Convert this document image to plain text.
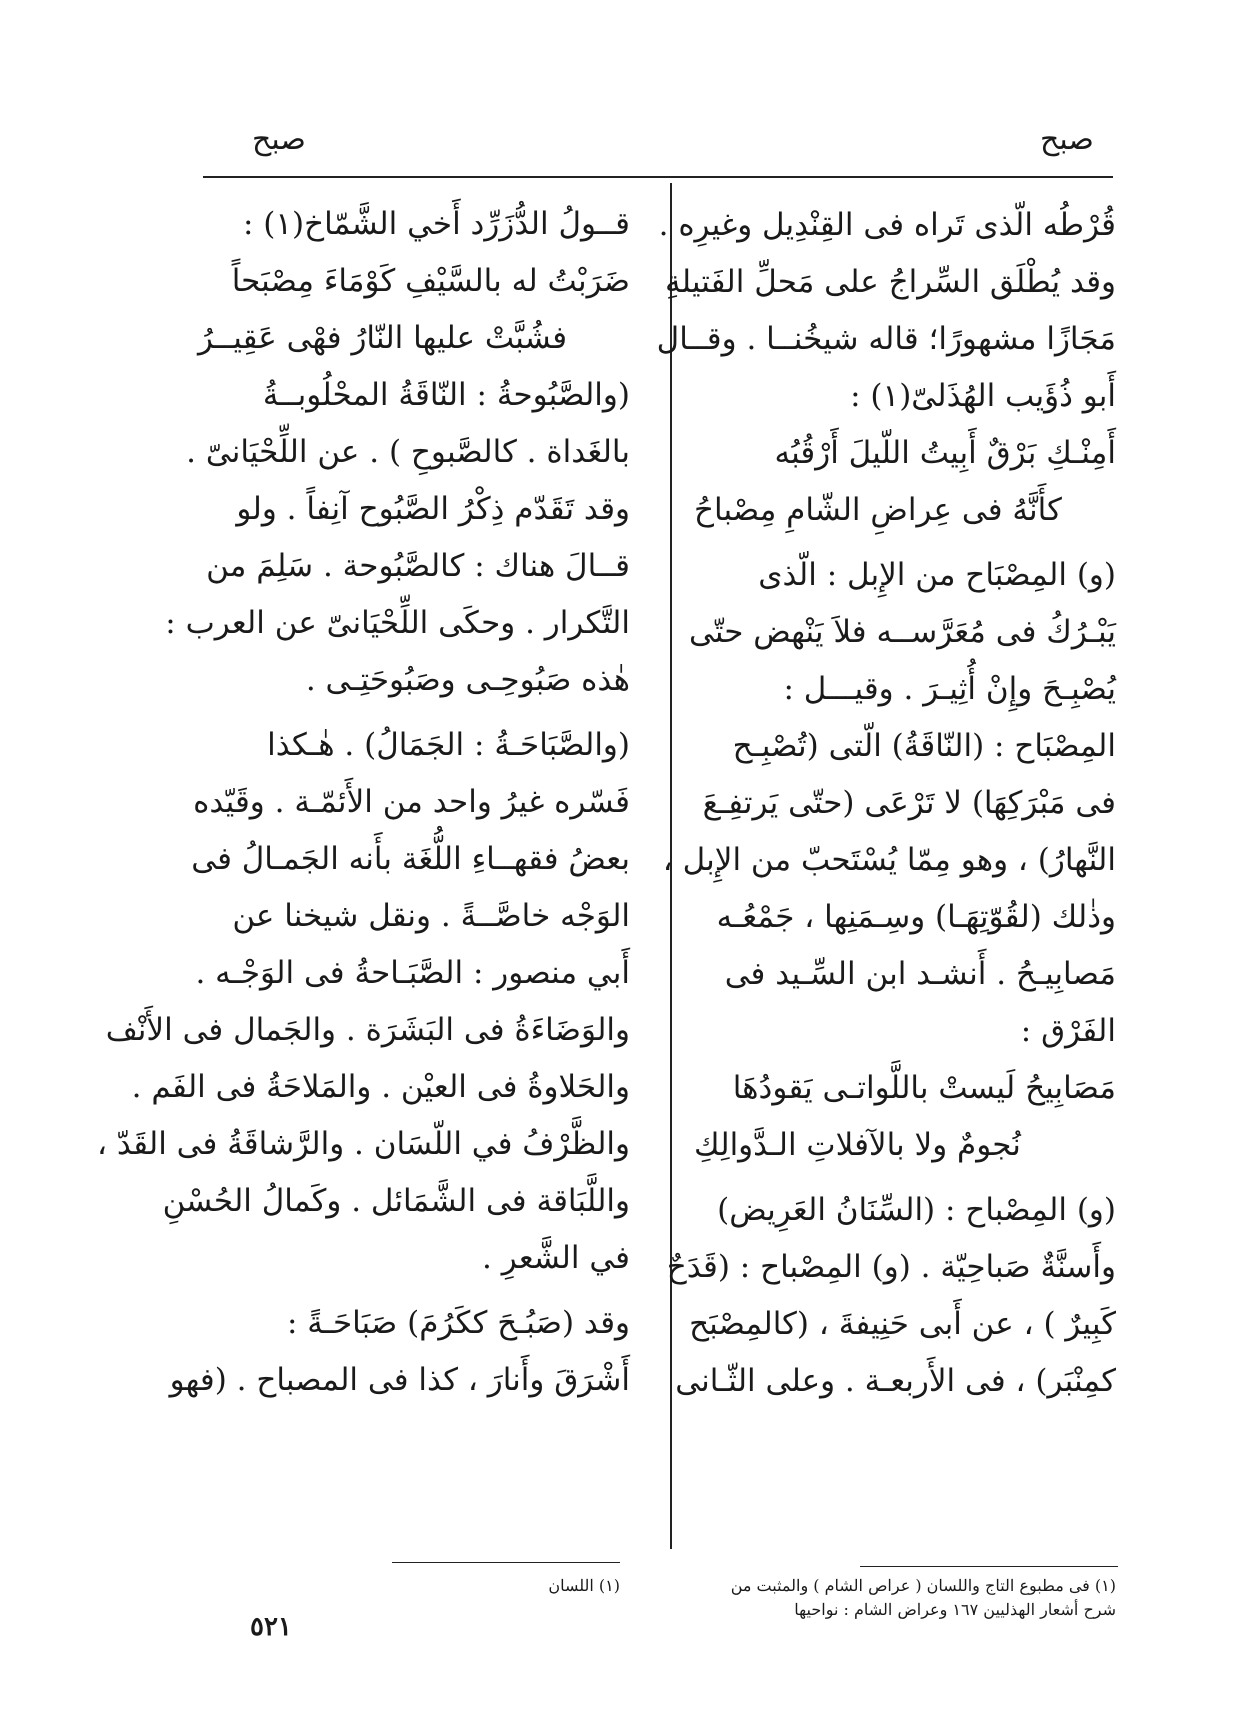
صبح	صبح
قُرْطُه الّذى تَراه فى القِنْدِيل وغيرِه .
وقد يُطْلَق السِّراجُ على مَحلِّ الفَتيلةِ
مَجَازًا مشهورًا؛ قاله شيخُنــا . وقــال
أَبو ذُؤَيب الهُذَلىّ(١) :
أَمِنْـكِ بَرْقٌ أَبِيتُ اللّيلَ أَرْقُبُه
كأَنَّهُ فى عِراضِ الشّامِ مِصْباحُ
(و) المِصْبَاح من الإِبل : الّذى
يَبْـرُكُ فى مُعَرَّســه فلاَ يَنْهض حتّى
يُصْبِـحَ وإِنْ أُثِيـرَ . وقيـــل :
المِصْبَاح : (النّاقَةُ) الّتى (تُصْبِـح
فى مَبْرَكِهَا) لا تَرْعَى (حتّى يَرتفِـعَ
النَّهارُ) ، وهو مِمّا يُسْتَحبّ من الإِبل ،
وذٰلك (لقُوّتِهَـا) وسِـمَنِها ، جَمْعُـه
مَصابِيـحُ . أَنشـد ابن السِّـيد فى
الفَرْق :
مَصَابِيحُ لَيستْ باللَّواتـى يَقودُهَا
نُجومٌ ولا بالآفلاتِ الـدَّوالِكِ
(و) المِصْباح : (السِّنَانُ العَرِيض)
وأَسنَّةٌ صَباحِيّة . (و) المِصْباح : (قَدَحٌ
كَبِيرٌ ) ، عن أَبى حَنِيفةَ ، (كالمِصْبَح
كمِنْبَر) ، فى الأَربعـة . وعلى الثّـانى
قــولُ الدُّزَرِّد أَخي الشَّمّاخ(١) :
ضَرَبْتُ له بالسَّيْفِ كَوْمَاءَ مِصْبَحاً
فشُبَّتْ عليها النّارُ فهْى عَقِيــرُ
(والصَّبُوحةُ : النّاقَةُ المحْلُوبــةُ
بالغَداة . كالصَّبوحِ ) . عن اللِّحْيَانىّ .
وقد تَقَدّم ذِكْرُ الصَّبُوح آنِفاً . ولو
قــالَ هناك : كالصَّبُوحة . سَلِمَ من
التَّكرار . وحكَى اللِّحْيَانىّ عن العرب :
هٰذه صَبُوحِـى وصَبُوحَتِـى .
(والصَّبَاحَـةُ : الجَمَالُ) . هٰـكذا
فَسّره غيرُ واحد من الأَئمّـة . وقَيّده
بعضُ فقهــاءِ اللُّغَة بأَنه الجَمـالُ فى
الوَجْه خاصَّــةً . ونقل شيخنا عن
أَبي منصور : الصَّبَـاحةُ فى الوَجْـه .
والوَضَاءَةُ فى البَشَرَة . والجَمال فى الأَنْف
والحَلاوةُ فى العيْن . والمَلاحَةُ فى الفَم .
والظَّرْفُ في اللّسَان . والرَّشاقَةُ فى القَدّ ،
واللَّبَاقة فى الشَّمَائل . وكَمالُ الحُسْنِ
في الشَّعرِ .
وقد (صَبُـحَ ككَرُمَ) صَبَاحَـةً :
أَشْرَقَ وأَنارَ ، كذا فى المصباح . (فهو
(١) فى مطبوع التاج واللسان ( عراص الشام ) والمثبت من
شرح أشعار الهذليين ١٦٧ وعراض الشام : نواحيها
(١) اللسان
٥٢١
